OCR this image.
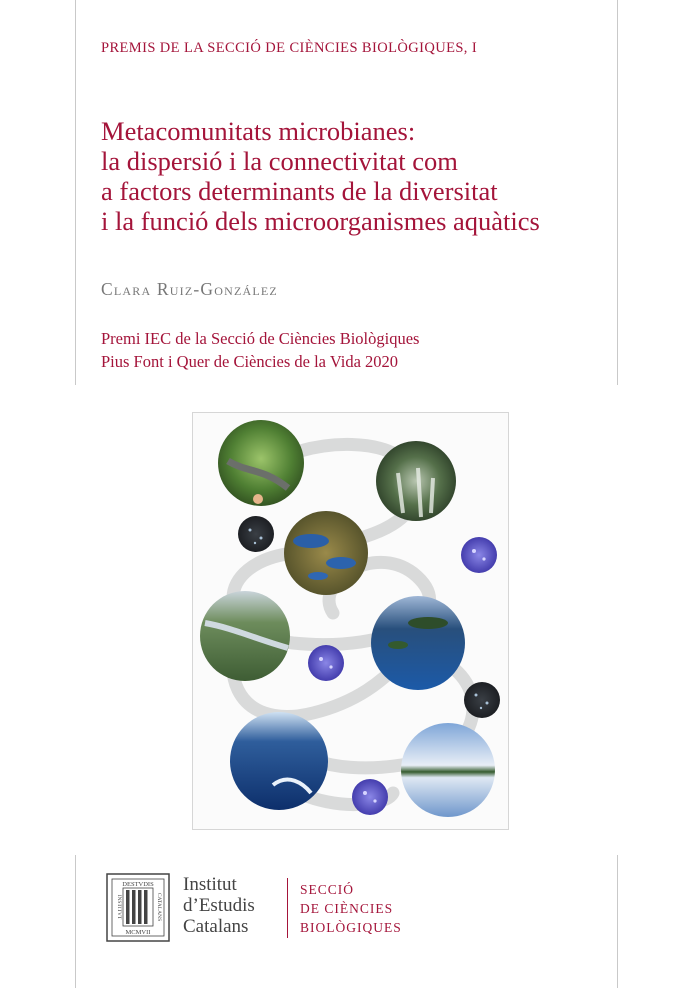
PREMIS DE LA SECCIÓ DE CIÈNCIES BIOLÒGIQUES, I
Metacomunitats microbianes:
la dispersió i la connectivitat com
a factors determinants de la diversitat
i la funció dels microorganismes aquàtics
Clara Ruiz-González
Premi IEC de la Secció de Ciències Biològiques
Pius Font i Quer de Ciències de la Vida 2020
DESTVDIS
MCMVII
INSTITVT	CATALANS
Institut
d’Estudis
Catalans
SECCIÓ
DE CIÈNCIES
BIOLÒGIQUES
